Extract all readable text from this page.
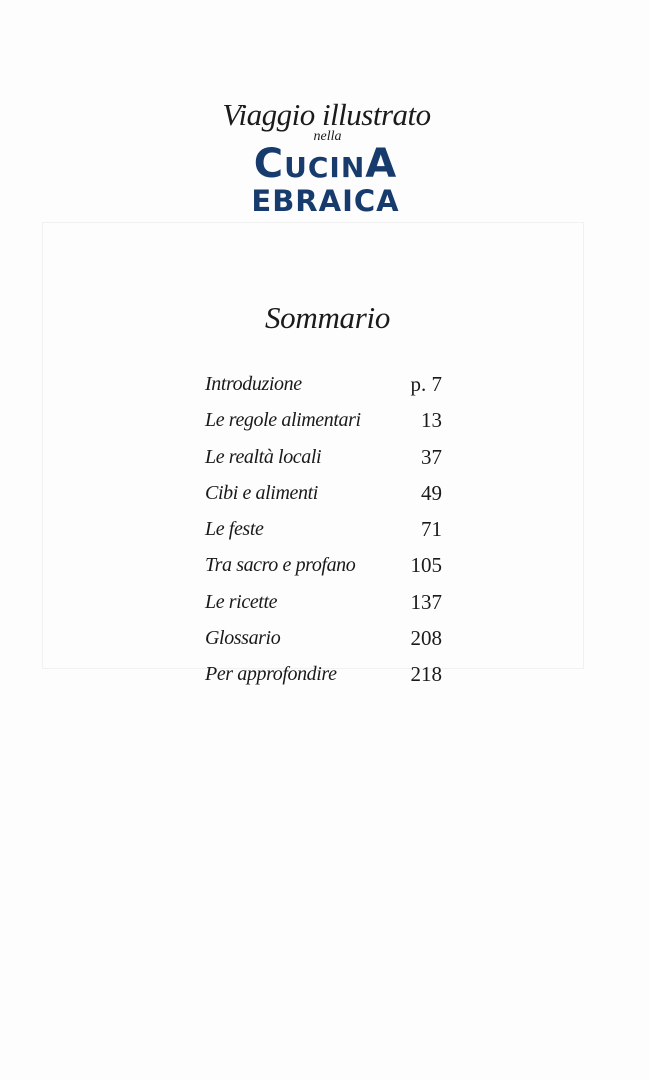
Viaggio illustrato
nella
CUCINA
EBRAICA
Sommario
Introduzione	p. 7
Le regole alimentari	13
Le realtà locali	37
Cibi e alimenti	49
Le feste	71
Tra sacro e profano	105
Le ricette	137
Glossario	208
Per approfondire	218
